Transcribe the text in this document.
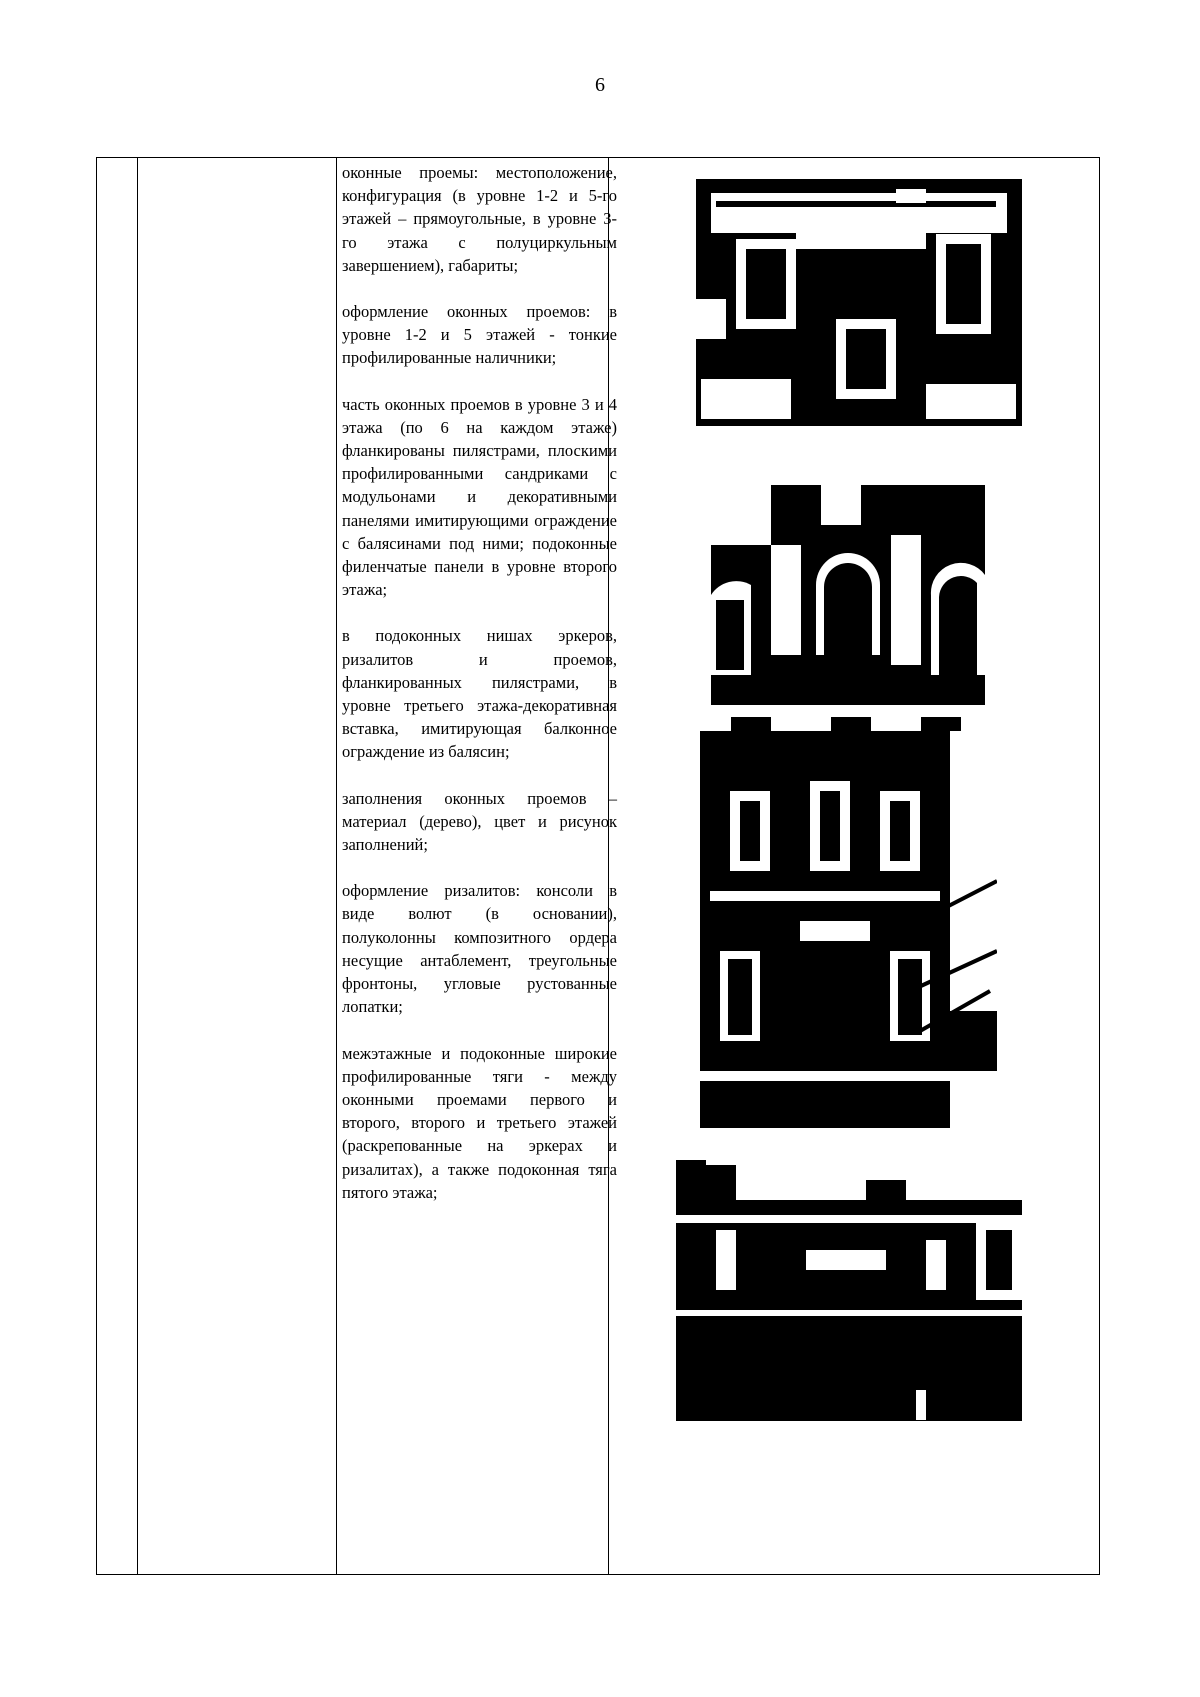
6

оконные проемы: местоположение, конфигурация (в уровне 1-2 и 5-го этажей – прямоугольные, в уровне 3-го этажа с полуциркульным завершением), габариты;

оформление оконных проемов: в уровне 1-2 и 5 этажей - тонкие профилированные наличники;

часть оконных проемов в уровне 3 и 4 этажа (по 6 на каждом этаже) фланкированы пилястрами, плоскими профилированными сандриками с модульонами и декоративными панелями имитирующими ограждение с балясинами под ними; подоконные филенчатые панели в уровне второго этажа;

в подоконных нишах эркеров, ризалитов и проемов, фланкированных пилястрами, в уровне третьего этажа-декоративная вставка, имитирующая балконное ограждение из балясин;

заполнения оконных проемов – материал (дерево), цвет и рисунок заполнений;

оформление ризалитов: консоли в виде волют (в основании), полуколонны композитного ордера несущие антаблемент, треугольные фронтоны, угловые рустованные лопатки;

межэтажные и подоконные широкие профилированные тяги - между оконными проемами первого и второго, второго и третьего этажей (раскрепованные на эркерах и ризалитах), а также подоконная тяга пятого этажа;
